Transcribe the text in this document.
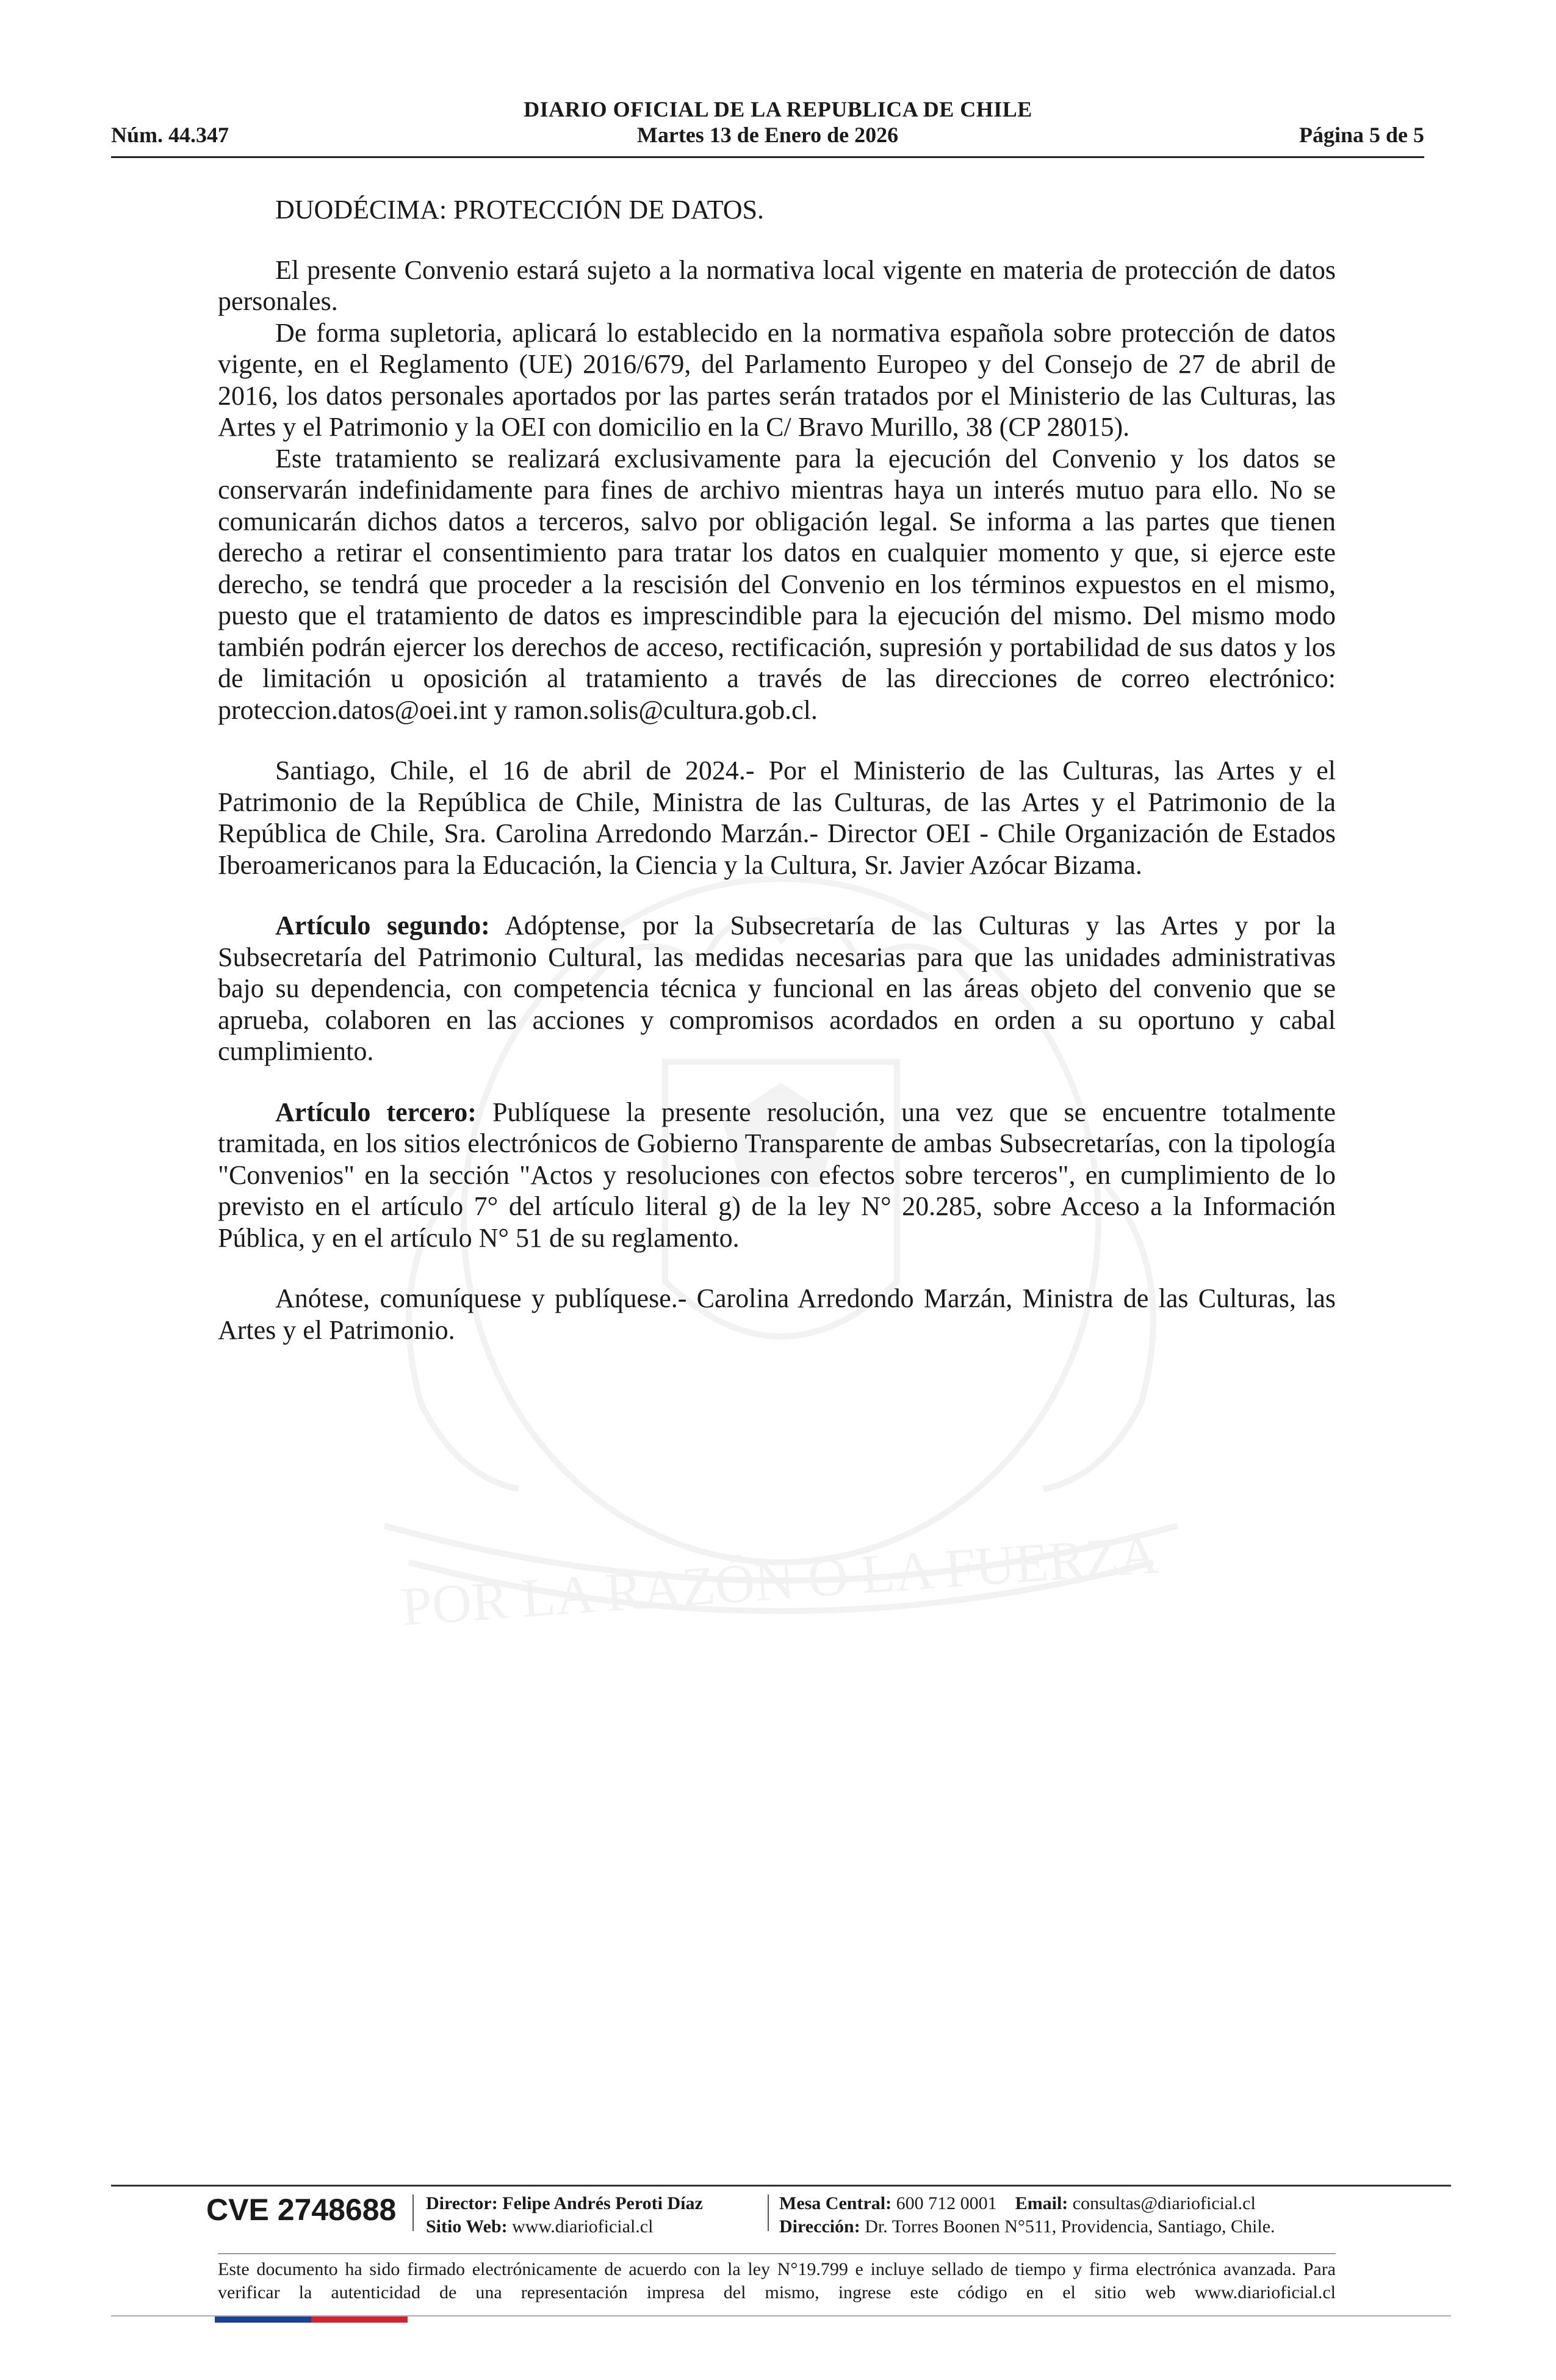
POR LA RAZÓN O LA FUERZA
DIARIO OFICIAL DE LA REPUBLICA DE CHILE
Martes 13 de Enero de 2026
Núm. 44.347	Página 5 de 5

DUODÉCIMA: PROTECCIÓN DE DATOS.

El presente Convenio estará sujeto a la normativa local vigente en materia de protección de datos personales.

De forma supletoria, aplicará lo establecido en la normativa española sobre protección de datos vigente, en el Reglamento (UE) 2016/679, del Parlamento Europeo y del Consejo de 27 de abril de 2016, los datos personales aportados por las partes serán tratados por el Ministerio de las Culturas, las Artes y el Patrimonio y la OEI con domicilio en la C/ Bravo Murillo, 38 (CP 28015).

Este tratamiento se realizará exclusivamente para la ejecución del Convenio y los datos se conservarán indefinidamente para fines de archivo mientras haya un interés mutuo para ello. No se comunicarán dichos datos a terceros, salvo por obligación legal. Se informa a las partes que tienen derecho a retirar el consentimiento para tratar los datos en cualquier momento y que, si ejerce este derecho, se tendrá que proceder a la rescisión del Convenio en los términos expuestos en el mismo, puesto que el tratamiento de datos es imprescindible para la ejecución del mismo. Del mismo modo también podrán ejercer los derechos de acceso, rectificación, supresión y portabilidad de sus datos y los de limitación u oposición al tratamiento a través de las direcciones de correo electrónico: proteccion.datos@oei.int y ramon.solis@cultura.gob.cl.

Santiago, Chile, el 16 de abril de 2024.- Por el Ministerio de las Culturas, las Artes y el Patrimonio de la República de Chile, Ministra de las Culturas, de las Artes y el Patrimonio de la República de Chile, Sra. Carolina Arredondo Marzán.- Director OEI - Chile Organización de Estados Iberoamericanos para la Educación, la Ciencia y la Cultura, Sr. Javier Azócar Bizama.

Artículo segundo: Adóptense, por la Subsecretaría de las Culturas y las Artes y por la Subsecretaría del Patrimonio Cultural, las medidas necesarias para que las unidades administrativas bajo su dependencia, con competencia técnica y funcional en las áreas objeto del convenio que se aprueba, colaboren en las acciones y compromisos acordados en orden a su oportuno y cabal cumplimiento.

Artículo tercero: Publíquese la presente resolución, una vez que se encuentre totalmente tramitada, en los sitios electrónicos de Gobierno Transparente de ambas Subsecretarías, con la tipología "Convenios" en la sección "Actos y resoluciones con efectos sobre terceros", en cumplimiento de lo previsto en el artículo 7° del artículo literal g) de la ley N° 20.285, sobre Acceso a la Información Pública, y en el artículo N° 51 de su reglamento.

Anótese, comuníquese y publíquese.- Carolina Arredondo Marzán, Ministra de las Culturas, las Artes y el Patrimonio.

CVE 2748688 Director: Felipe Andrés Peroti Díaz
Sitio Web: www.diarioficial.cl
Mesa Central: 600 712 0001 Email: consultas@diarioficial.cl
Dirección: Dr. Torres Boonen N°511, Providencia, Santiago, Chile.
Este documento ha sido firmado electrónicamente de acuerdo con la ley N°19.799 e incluye sellado de tiempo y firma electrónica avanzada. Para verificar la autenticidad de una representación impresa del mismo, ingrese este código en el sitio web www.diarioficial.cl
